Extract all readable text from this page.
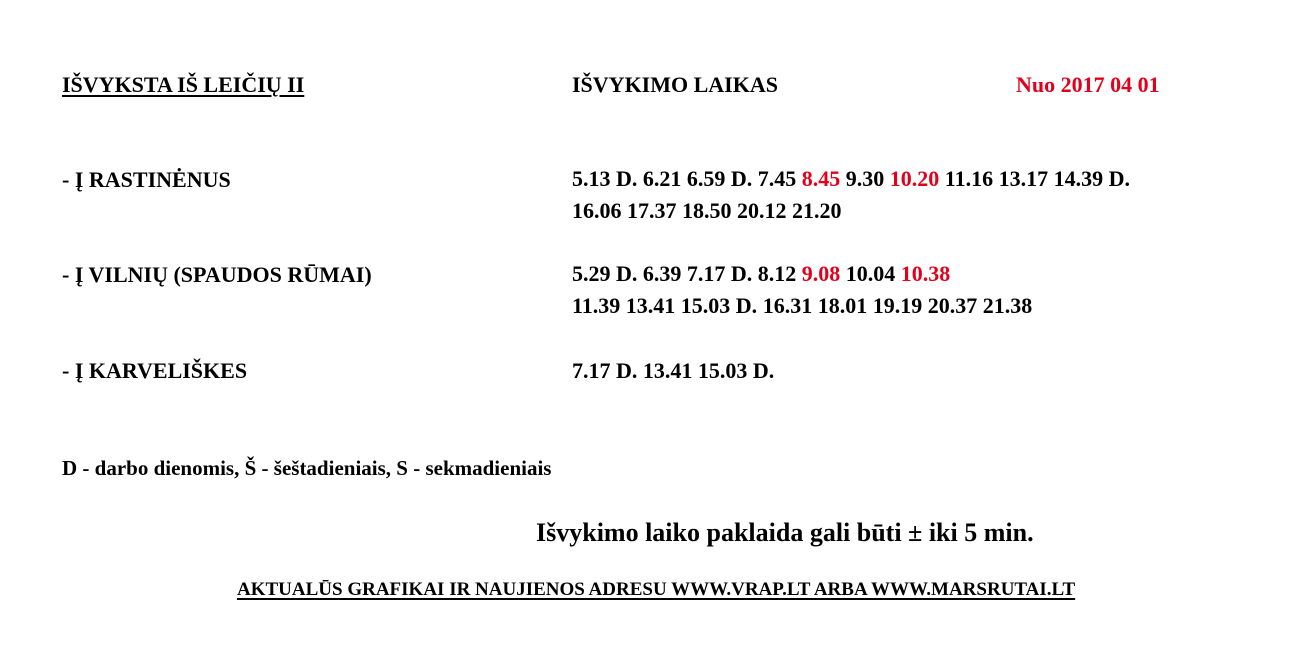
IŠVYKSTA IŠ LEIČIŲ II	IŠVYKIMO LAIKAS	Nuo 2017 04 01
- Į RASTINĖNUS	5.13 D. 6.21 6.59 D. 7.45 8.45 9.30 10.20 11.16 13.17 14.39 D.
16.06 17.37 18.50 20.12 21.20
- Į VILNIŲ (SPAUDOS RŪMAI)	5.29 D. 6.39 7.17 D. 8.12 9.08 10.04 10.38
11.39 13.41 15.03 D. 16.31 18.01 19.19 20.37 21.38
- Į KARVELIŠKES	7.17 D. 13.41 15.03 D.
D - darbo dienomis, Š - šeštadieniais, S - sekmadieniais
Išvykimo laiko paklaida gali būti ± iki 5 min.
AKTUALŪS GRAFIKAI IR NAUJIENOS ADRESU WWW.VRAP.LT ARBA WWW.MARSRUTAI.LT
